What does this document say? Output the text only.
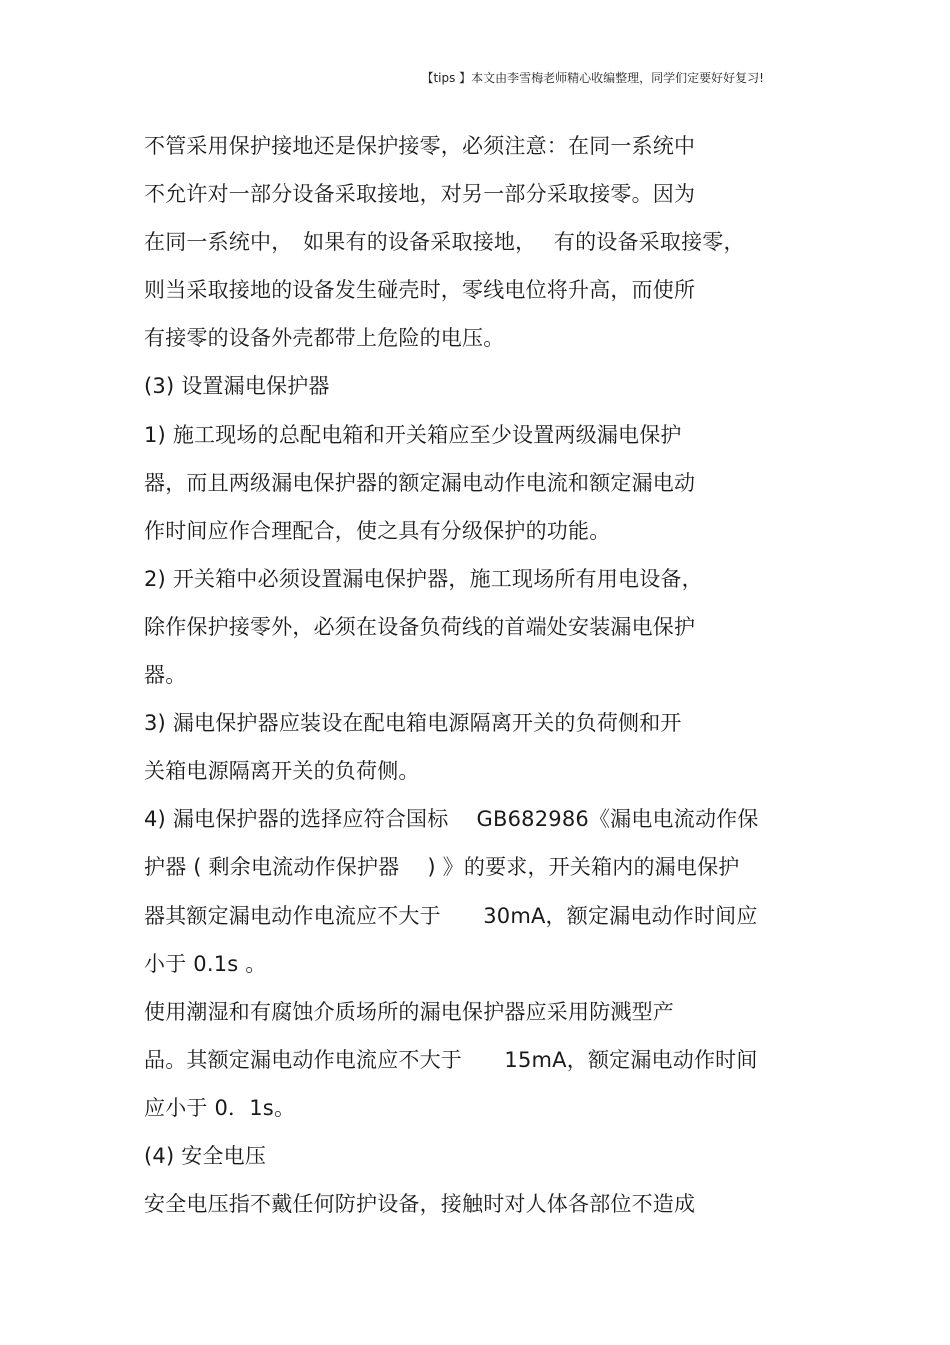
【tips 】本文由李雪梅老师精心收编整理，同学们定要好好复习!
不管采用保护接地还是保护接零，必须注意：在同一系统中
不允许对一部分设备采取接地，对另一部分采取接零。因为
在同一系统中，　如果有的设备采取接地，　 有的设备采取接零，
则当采取接地的设备发生碰壳时，零线电位将升高，而使所
有接零的设备外壳都带上危险的电压。
(3) 设置漏电保护器
1) 施工现场的总配电箱和开关箱应至少设置两级漏电保护
器，而且两级漏电保护器的额定漏电动作电流和额定漏电动
作时间应作合理配合，使之具有分级保护的功能。
2) 开关箱中必须设置漏电保护器，施工现场所有用电设备，
除作保护接零外，必须在设备负荷线的首端处安装漏电保护
器。
3) 漏电保护器应装设在配电箱电源隔离开关的负荷侧和开
关箱电源隔离开关的负荷侧。
4) 漏电保护器的选择应符合国标　 GB682986《漏电电流动作保
护器 ( 剩余电流动作保护器　 ) 》的要求，开关箱内的漏电保护
器其额定漏电动作电流应不大于　　30mA，额定漏电动作时间应
小于 0.1s 。
使用潮湿和有腐蚀介质场所的漏电保护器应采用防溅型产
品。其额定漏电动作电流应不大于　　15mA，额定漏电动作时间
应小于 0．1s。
(4) 安全电压
安全电压指不戴任何防护设备，接触时对人体各部位不造成
